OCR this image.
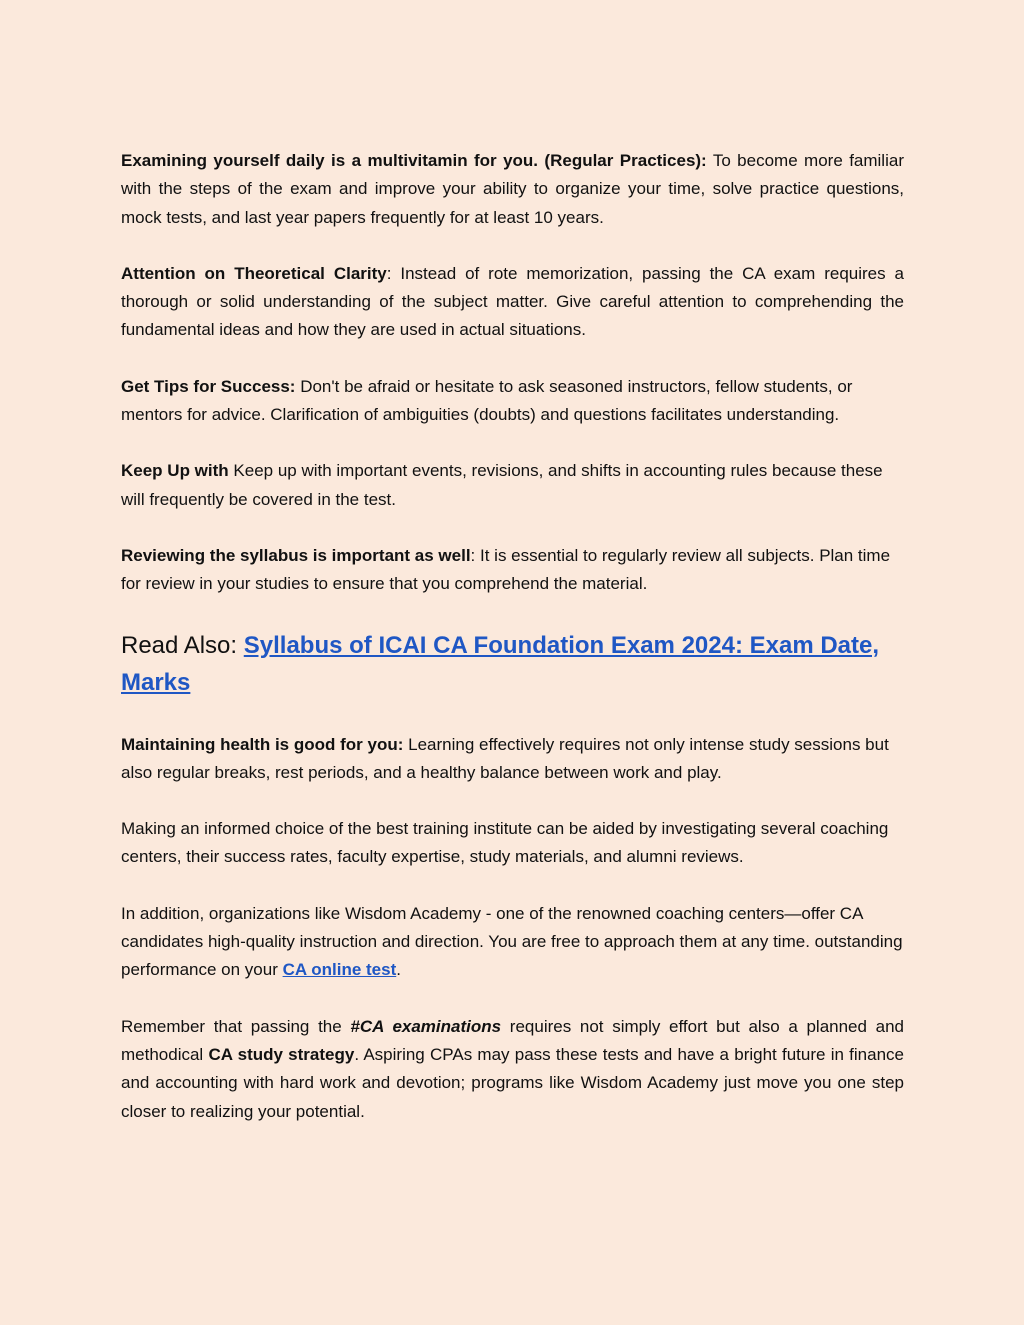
Examining yourself daily is a multivitamin for you. (Regular Practices): To become more familiar with the steps of the exam and improve your ability to organize your time, solve practice questions, mock tests, and last year papers frequently for at least 10 years.

Attention on Theoretical Clarity: Instead of rote memorization, passing the CA exam requires a thorough or solid understanding of the subject matter. Give careful attention to comprehending the fundamental ideas and how they are used in actual situations.

Get Tips for Success: Don't be afraid or hesitate to ask seasoned instructors, fellow students, or mentors for advice. Clarification of ambiguities (doubts) and questions facilitates understanding.

Keep Up with Keep up with important events, revisions, and shifts in accounting rules because these will frequently be covered in the test.

Reviewing the syllabus is important as well: It is essential to regularly review all subjects. Plan time for review in your studies to ensure that you comprehend the material.

Read Also: Syllabus of ICAI CA Foundation Exam 2024: Exam Date, Marks

Maintaining health is good for you: Learning effectively requires not only intense study sessions but also regular breaks, rest periods, and a healthy balance between work and play.

Making an informed choice of the best training institute can be aided by investigating several coaching centers, their success rates, faculty expertise, study materials, and alumni reviews.

In addition, organizations like Wisdom Academy - one of the renowned coaching centers—offer CA candidates high-quality instruction and direction. You are free to approach them at any time. outstanding performance on your CA online test.

Remember that passing the #CA examinations requires not simply effort but also a planned and methodical CA study strategy. Aspiring CPAs may pass these tests and have a bright future in finance and accounting with hard work and devotion; programs like Wisdom Academy just move you one step closer to realizing your potential.
